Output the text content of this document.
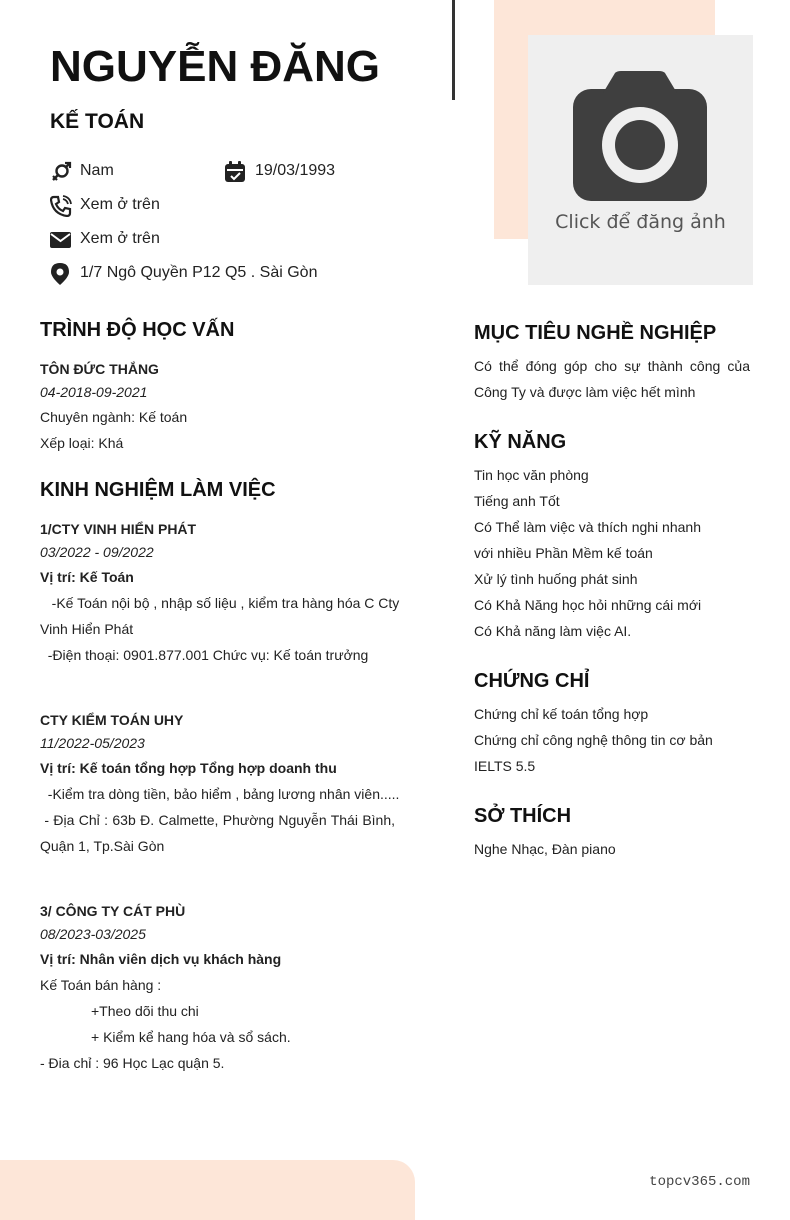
Click để đăng ảnh
NGUYỄN ĐĂNG
KẾ TOÁN
Nam	19/03/1993
Xem ở trên
Xem ở trên
1/7 Ngô Quyền P12 Q5 . Sài Gòn
TRÌNH ĐỘ HỌC VẤN
TÔN ĐỨC THẮNG
04-2018-09-2021
Chuyên ngành: Kế toán
Xếp loại: Khá
KINH NGHIỆM LÀM VIỆC
1/CTY VINH HIỂN PHÁT
03/2022 - 09/2022
Vị trí: Kế Toán
-Kế Toán nội bộ , nhập số liệu , kiểm tra hàng hóa C Cty Vinh Hiển Phát
-Điện thoại: 0901.877.001 Chức vụ: Kế toán trưởng
CTY KIỂM TOÁN UHY
11/2022-05/2023
Vị trí: Kế toán tổng hợp Tổng hợp doanh thu
-Kiểm tra dòng tiền, bảo hiểm , bảng lương nhân viên.....
- Địa Chỉ : 63b Đ. Calmette, Phường Nguyễn Thái Bình, Quận 1, Tp.Sài Gòn
3/ CÔNG TY CÁT PHÙ
08/2023-03/2025
Vị trí: Nhân viên dịch vụ khách hàng
Kế Toán bán hàng :
+Theo dõi thu chi
+ Kiểm kể hang hóa và sổ sách.
- Đia chỉ : 96 Học Lạc quận 5.
MỤC TIÊU NGHỀ NGHIỆP
Có thể đóng góp cho sự thành công của Công Ty và được làm việc hết mình
KỸ NĂNG
Tin học văn phòng
Tiếng anh Tốt
Có Thể làm việc và thích nghi nhanh với nhiều Phần Mềm kế toán
Xử lý tình huống phát sinh
Có Khả Năng học hỏi những cái mới
Có Khả năng làm việc AI.
CHỨNG CHỈ
Chứng chỉ kế toán tổng hợp
Chứng chỉ công nghệ thông tin cơ bản
IELTS 5.5
SỞ THÍCH
Nghe Nhạc, Đàn piano
topcv365.com
